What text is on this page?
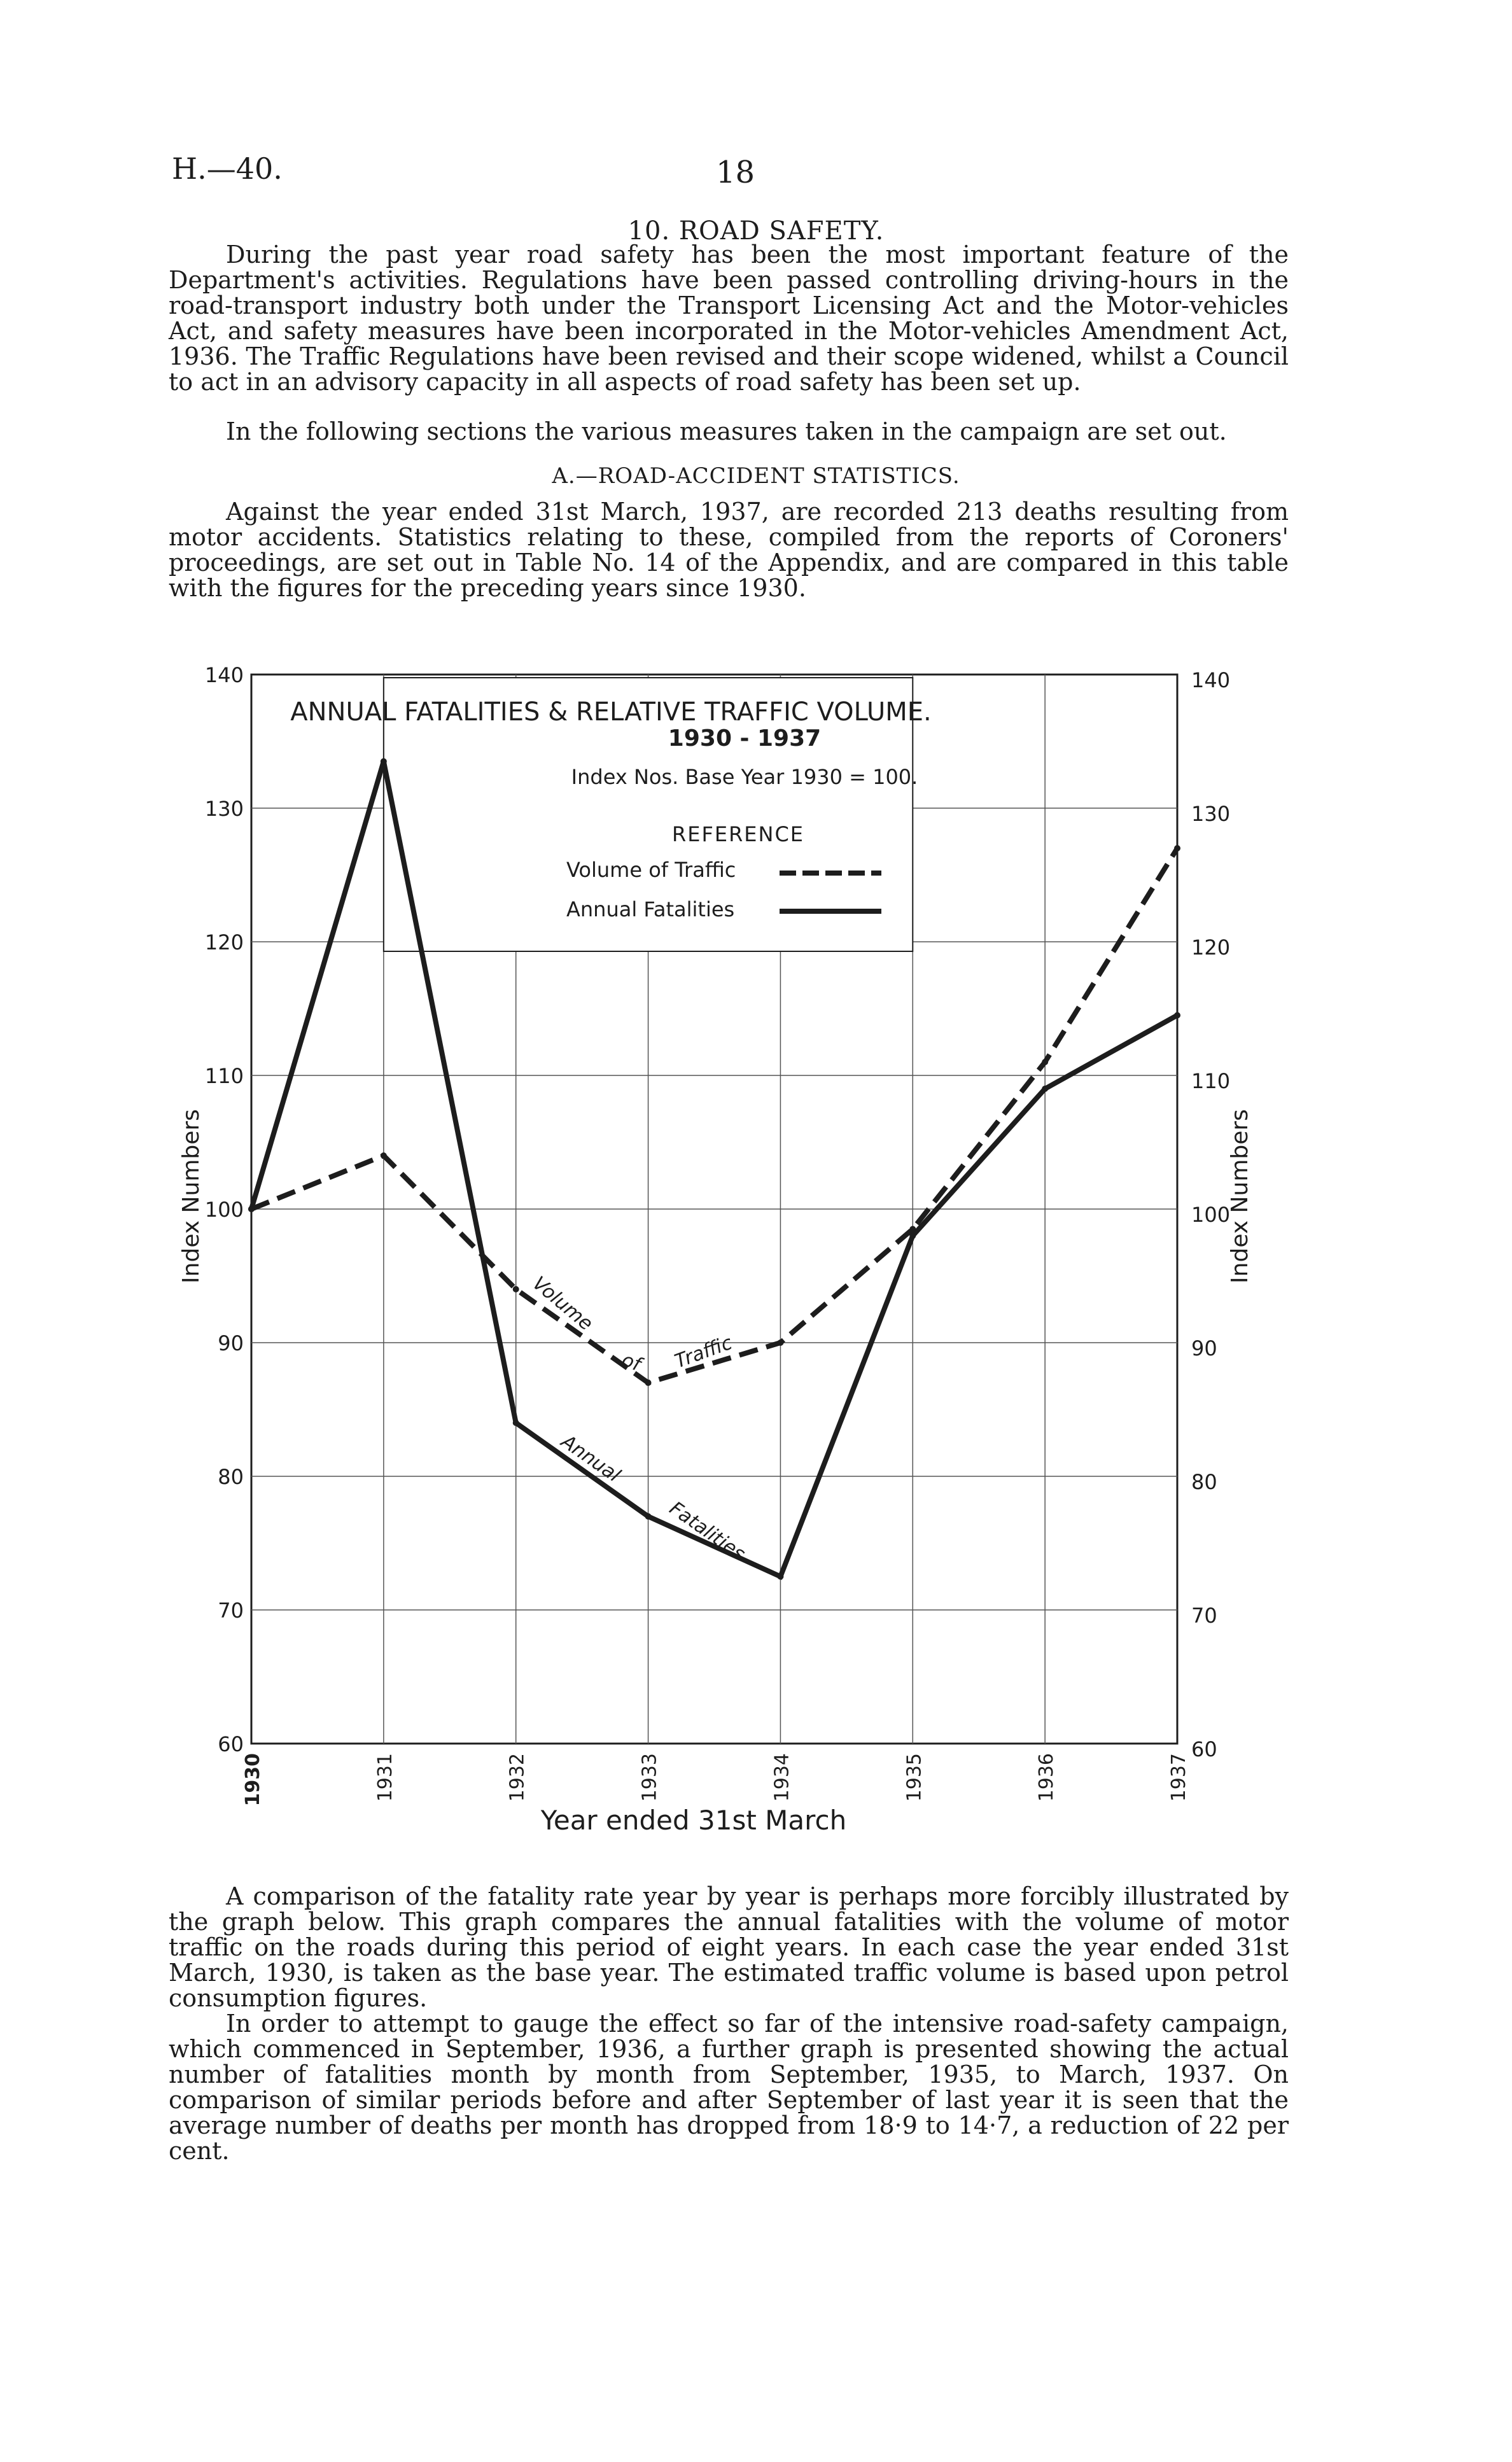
H.—40.	18
10. ROAD SAFETY.

During the past year road safety has been the most important feature of the Department's activities. Regulations have been passed controlling driving-hours in the road-transport industry both under the Transport Licensing Act and the Motor-vehicles Act, and safety measures have been incorporated in the Motor-vehicles Amendment Act, 1936. The Traffic Regulations have been revised and their scope widened, whilst a Council to act in an advisory capacity in all aspects of road safety has been set up.

In the following sections the various measures taken in the campaign are set out.

A.—ROAD-ACCIDENT STATISTICS.

Against the year ended 31st March, 1937, are recorded 213 deaths resulting from motor accidents. Statistics relating to these, compiled from the reports of Coroners' proceedings, are set out in Table No. 14 of the Appendix, and are compared in this table with the figures for the preceding years since 1930.

ANNUAL FATALITIES & RELATIVE TRAFFIC VOLUME.
1930 - 1937
Index Nos. Base Year 1930 = 100.
REFERENCE
Volume of Traffic
Annual Fatalities
Year ended 31st March
Index Numbers	Index Numbers
60	60
70	70
80	80
90	90
100	100
110	110
120	120
130	130
140	140
1930	1931	1932	1933	1934	1935	1936	1937
Volume
of Traffic
Annual
Fatalities

A comparison of the fatality rate year by year is perhaps more forcibly illustrated by the graph below. This graph compares the annual fatalities with the volume of motor traffic on the roads during this period of eight years. In each case the year ended 31st March, 1930, is taken as the base year. The estimated traffic volume is based upon petrol consumption figures.

In order to attempt to gauge the effect so far of the intensive road-safety campaign, which commenced in September, 1936, a further graph is presented showing the actual number of fatalities month by month from September, 1935, to March, 1937. On comparison of similar periods before and after September of last year it is seen that the average number of deaths per month has dropped from 18·9 to 14·7, a reduction of 22 per cent.
